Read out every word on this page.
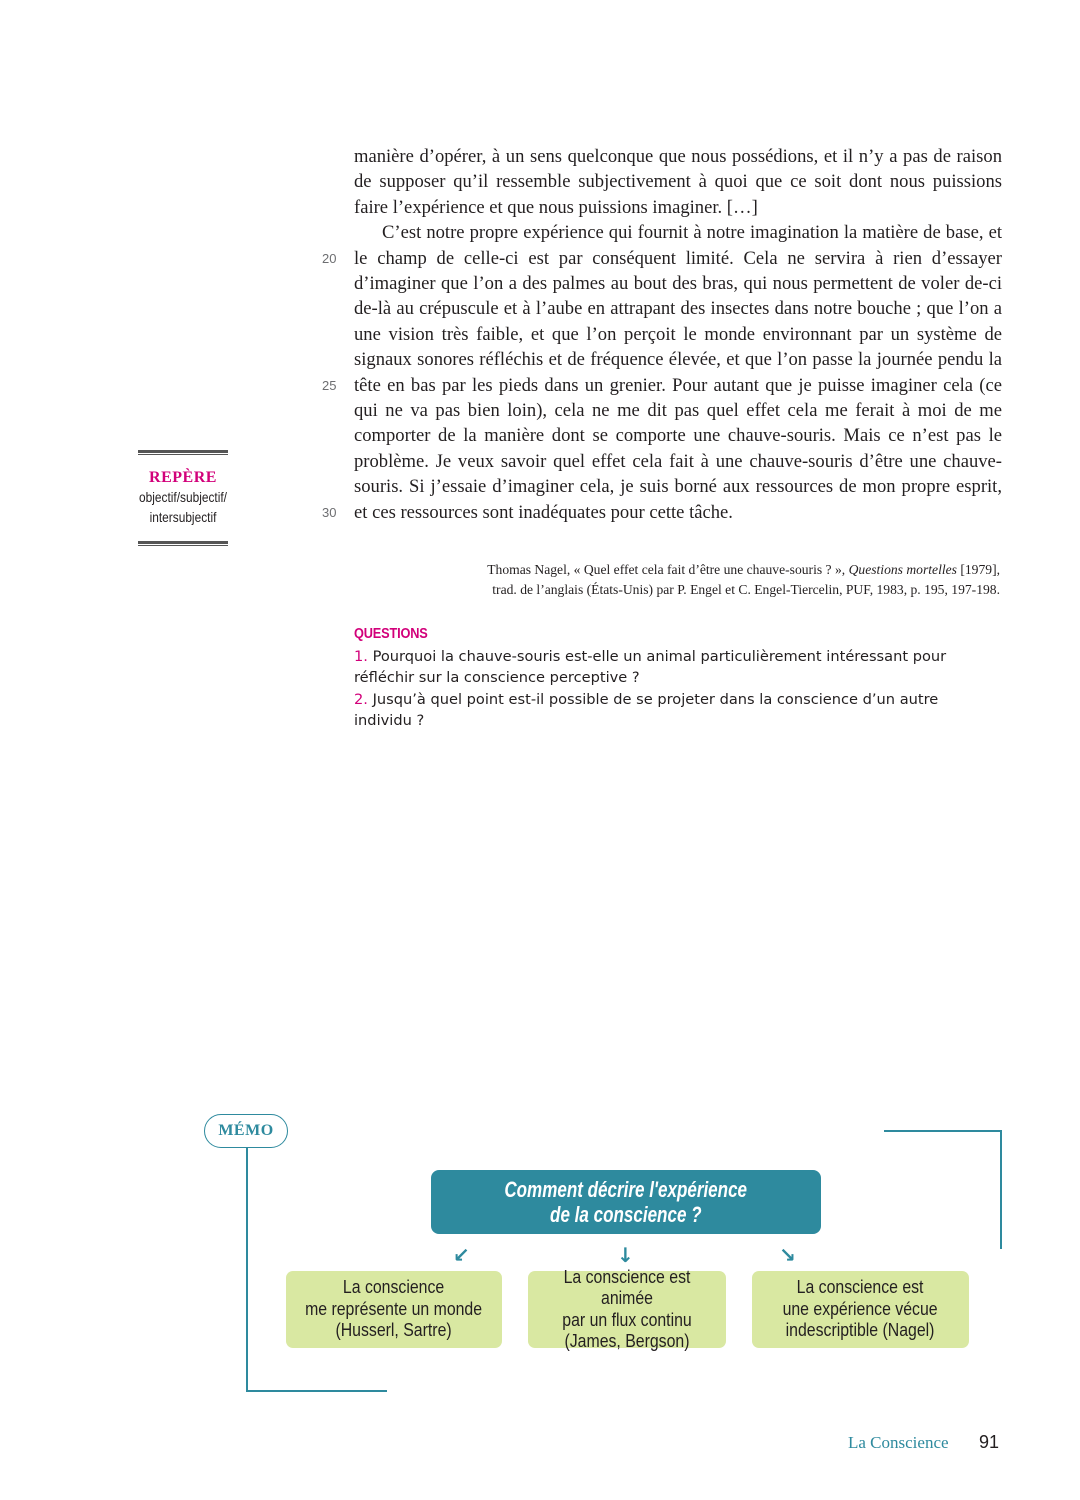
manière d’opérer, à un sens quelconque que nous possédions, et il n’y a pas de raison de supposer qu’il ressemble subjectivement à quoi que ce soit dont nous puissions faire l’expérience et que nous puissions imaginer. […]

C’est notre propre expérience qui fournit à notre imagination la matière de base, et le champ de celle-ci est par conséquent limité. Cela ne servira à rien d’essayer d’imaginer que l’on a des palmes au bout des bras, qui nous permettent de voler de-ci de-là au crépuscule et à l’aube en attrapant des insectes dans notre bouche ; que l’on a une vision très faible, et que l’on perçoit le monde environnant par un système de signaux sonores réfléchis et de fréquence élevée, et que l’on passe la journée pendu la tête en bas par les pieds dans un grenier. Pour autant que je puisse imaginer cela (ce qui ne va pas bien loin), cela ne me dit pas quel effet cela me ferait à moi de me comporter de la manière dont se comporte une chauve-souris. Mais ce n’est pas le problème. Je veux savoir quel effet cela fait à une chauve-souris d’être une chauve-souris. Si j’essaie d’imaginer cela, je suis borné aux ressources de mon propre esprit, et ces ressources sont inadéquates pour cette tâche.

20
25
30
Thomas Nagel, « Quel effet cela fait d’être une chauve-souris ? », Questions mortelles [1979],
trad. de l’anglais (États-Unis) par P. Engel et C. Engel-Tiercelin, PUF, 1983, p. 195, 197-198.
QUESTIONS
1. Pourquoi la chauve-souris est-elle un animal particulièrement intéressant pour réfléchir sur la conscience perceptive ?
2. Jusqu’à quel point est-il possible de se projeter dans la conscience d’un autre individu ?
REPÈRE
objectif/subjectif/
intersubjectif
MÉMO
Comment décrire l'expérience
de la conscience ?
↙	↓	↘
La conscience
me représente un monde
(Husserl, Sartre)
La conscience est animée
par un flux continu
(James, Bergson)
La conscience est
une expérience vécue
indescriptible (Nagel)
La Conscience 91
